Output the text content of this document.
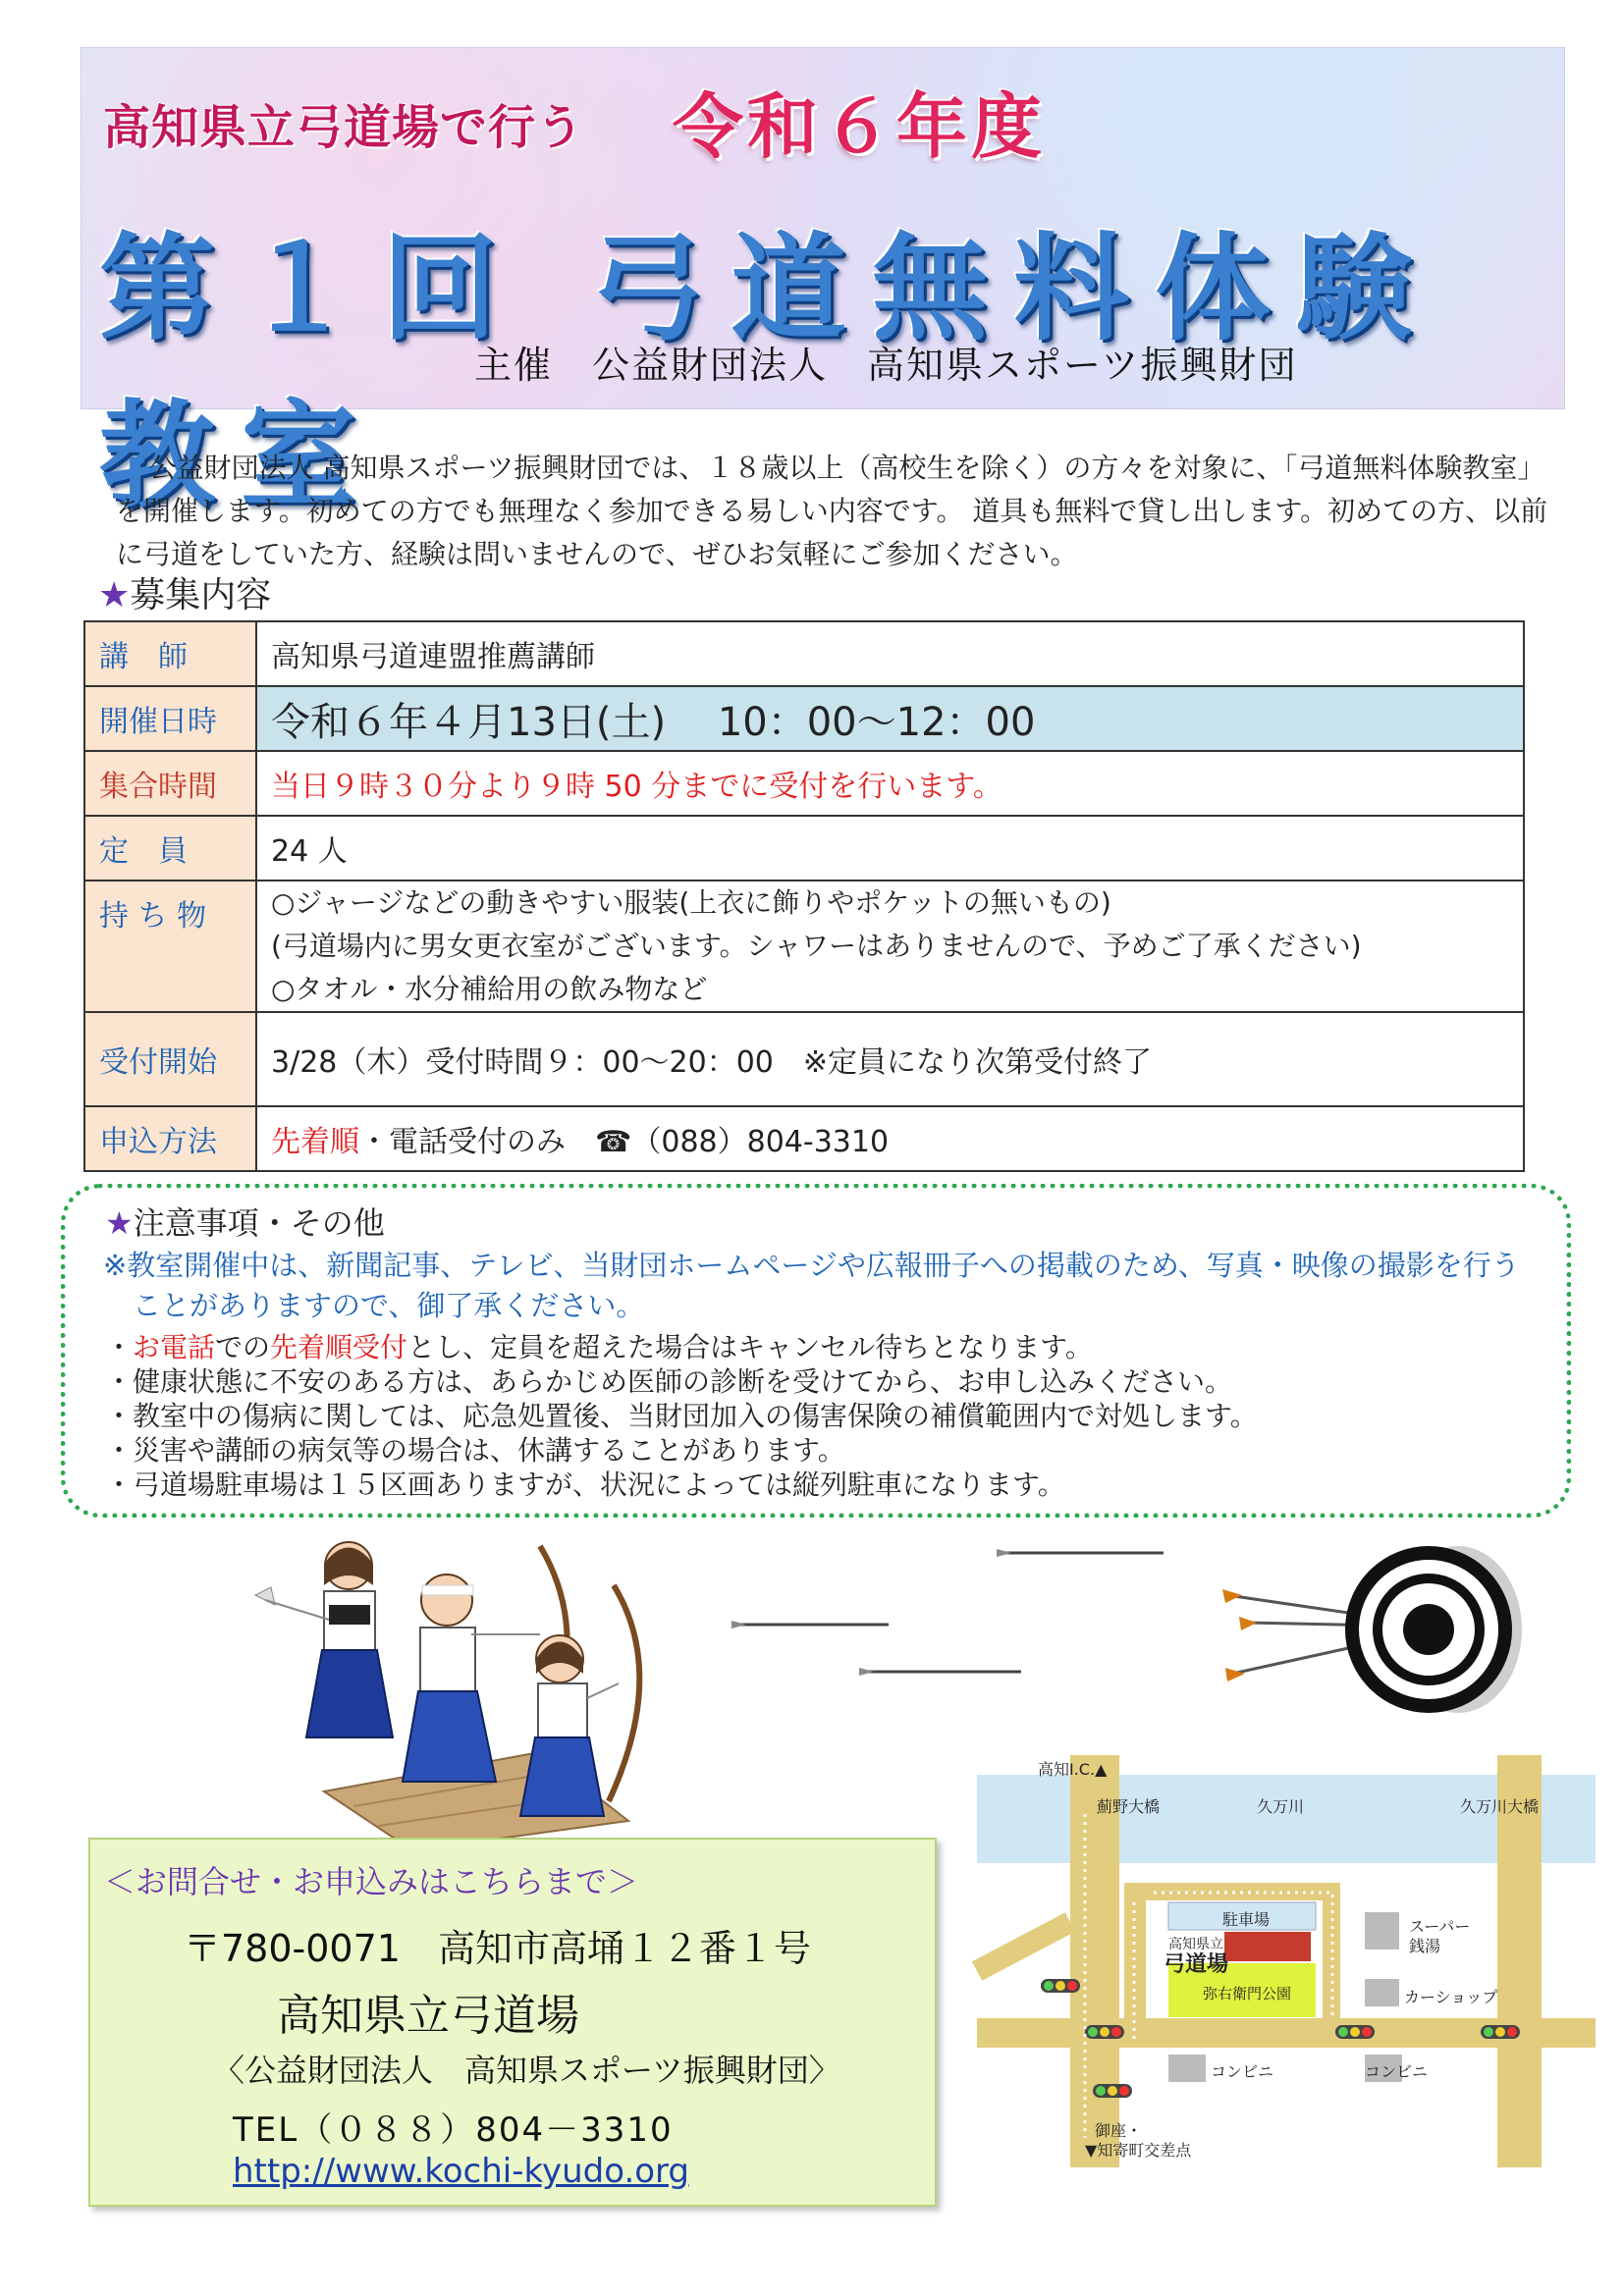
高知県立弓道場で行う 令和６年度
第１回 弓道無料体験教室
主催　公益財団法人　高知県スポーツ振興財団

公益財団法人 高知県スポーツ振興財団では、１８歳以上（高校生を除く）の方々を対象に、「弓道無料体験教室」を開催します。初めての方でも無理なく参加できる易しい内容です。 道具も無料で貸し出します。初めての方、以前に弓道をしていた方、経験は問いませんので、ぜひお気軽にご参加ください。

★募集内容
講　師	高知県弓道連盟推薦講師
開催日時	令和６年４月13日(土)　 10：00～12：00
集合時間	当日９時３０分より９時 50 分までに受付を行います。
定　員	24 人
持 ち 物	○ジャージなどの動きやすい服装(上衣に飾りやポケットの無いもの)
(弓道場内に男女更衣室がございます。シャワーはありませんので、予めご了承ください)
○タオル・水分補給用の飲み物など

受付開始	3/28（木）受付時間９：00～20：00　※定員になり次第受付終了
申込方法	先着順・電話受付のみ　☎（088）804-3310
★注意事項・その他
※教室開催中は、新聞記事、テレビ、当財団ホームページや広報冊子への掲載のため、写真・映像の撮影を行う
ことがありますので、御了承ください。
・ お電話での先着順受付とし、定員を超えた場合はキャンセル待ちとなります。
・ 健康状態に不安のある方は、あらかじめ医師の診断を受けてから、お申し込みください。
・ 教室中の傷病に関しては、応急処置後、当財団加入の傷害保険の補償範囲内で対処します。
・ 災害や講師の病気等の場合は、休講することがあります。
・ 弓道場駐車場は１５区画ありますが、状況によっては縦列駐車になります。
＜お問合せ・お申込みはこちらまで＞
〒780-0071　高知市高埇１２番１号
高知県立弓道場
〈公益財団法人　高知県スポーツ振興財団〉
TEL（０８８）804－3310
http://www.kochi-kyudo.org
高知I.C.▲
薊野大橋	久万川	久万川大橋
駐車場
高知県立
弓道場
弥右衛門公園
スーパー
銭湯
カーショップ
コンビニ	コンビニ
御座・
▼知寄町交差点
